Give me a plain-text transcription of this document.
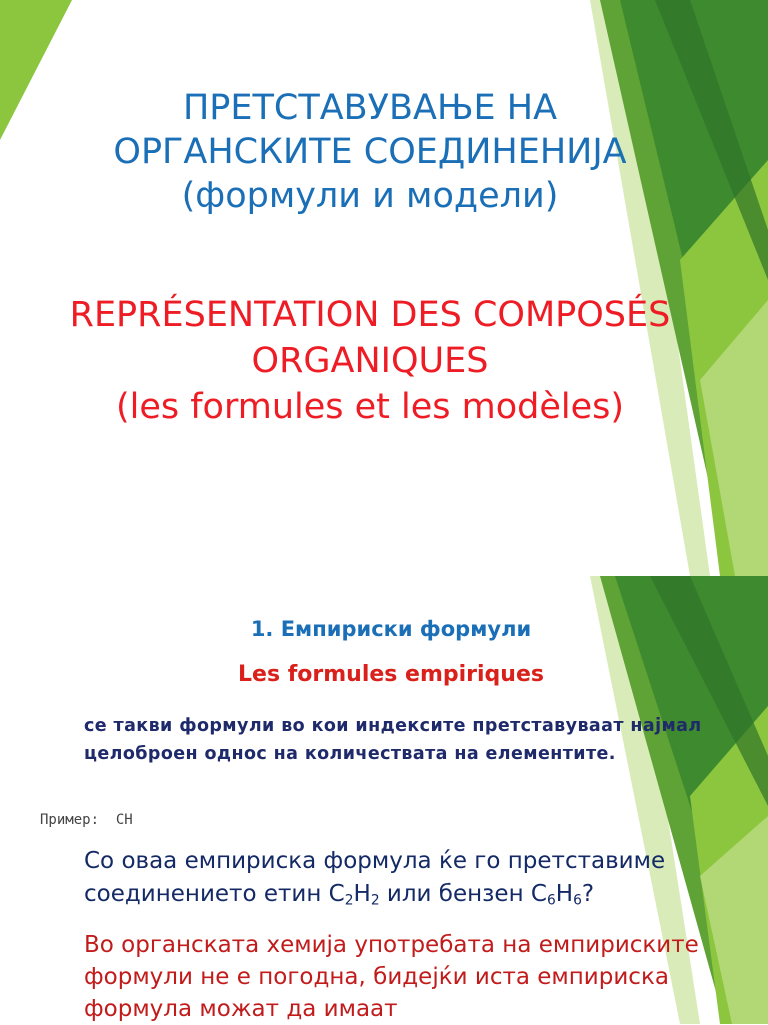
ПРЕТСТАВУВАЊЕ НА
ОРГАНСКИТЕ СОЕДИНЕНИЈА
(формули и модели)
REPRÉSENTATION DES COMPOSÉS
ORGANIQUES
(les formules et les modèles)
1. Емпириски формули
Les formules empiriques
се такви формули во кои индексите претставуваат најмал целоброен однос на количествата на елементите.
Пример:  CH
Со оваа емпириска формула ќе го претставиме соединението етин $C_2H_2$ или бензен $C_6H_6$?
Во органската хемија употребата на емпириските формули не е погодна, бидејќи иста емпириска формула можат да имаат
